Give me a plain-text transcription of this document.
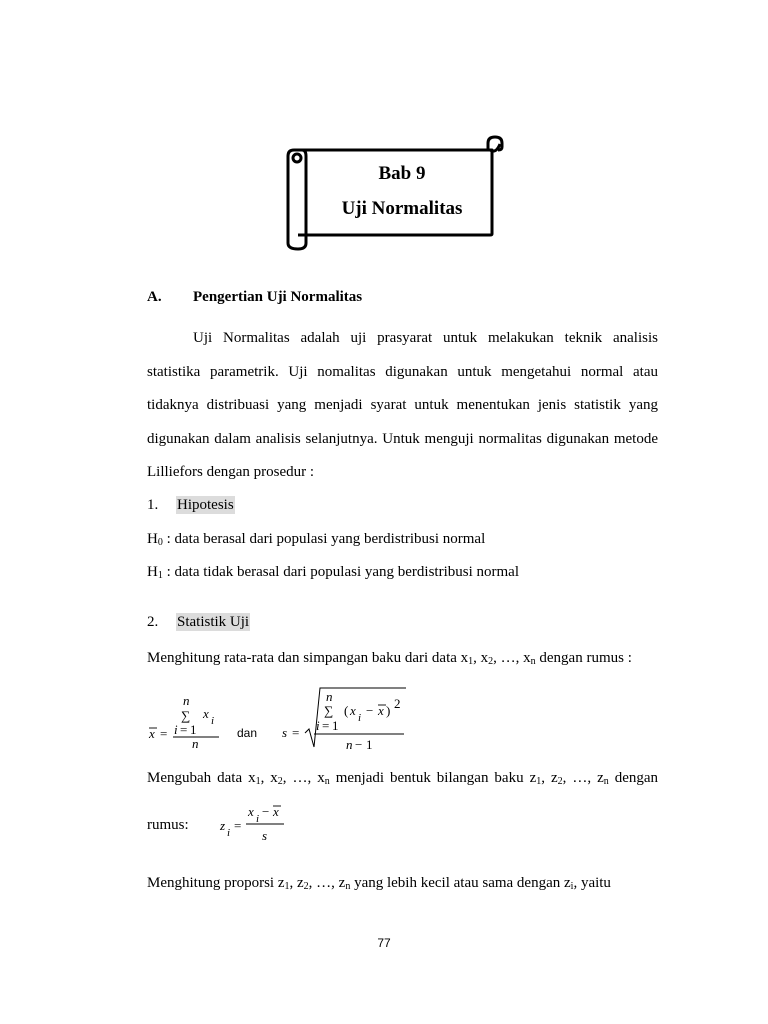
Bab 9
Uji Normalitas
A. Pengertian Uji Normalitas
Uji Normalitas adalah uji prasyarat untuk melakukan teknik analisis statistika parametrik. Uji nomalitas digunakan untuk mengetahui normal atau tidaknya distribuasi yang menjadi syarat untuk menentukan jenis statistik yang digunakan dalam analisis selanjutnya. Untuk menguji normalitas digunakan metode Lilliefors dengan prosedur :
1. Hipotesis
$H_0$ : data berasal dari populasi yang berdistribusi normal
$H_1$ : data tidak berasal dari populasi yang berdistribusi normal
2. Statistik Uji
Menghitung rata-rata dan simpangan baku dari data $x_1$, $x_2$, …, $x_n$ dengan rumus :
n
∑ x i
x = i = 1
n
dan s =
n
∑ ( x i − x ) 2
i = 1
n − 1
Mengubah data $x_1$, $x_2$, …, $x_n$ menjadi bentuk bilangan baku $z_1$, $z_2$, …, $z_n$ dengan
rumus:
x i − x
z i =
s
Menghitung proporsi $z_1$, $z_2$, …, $z_n$ yang lebih kecil atau sama dengan $z_i$, yaitu
77
